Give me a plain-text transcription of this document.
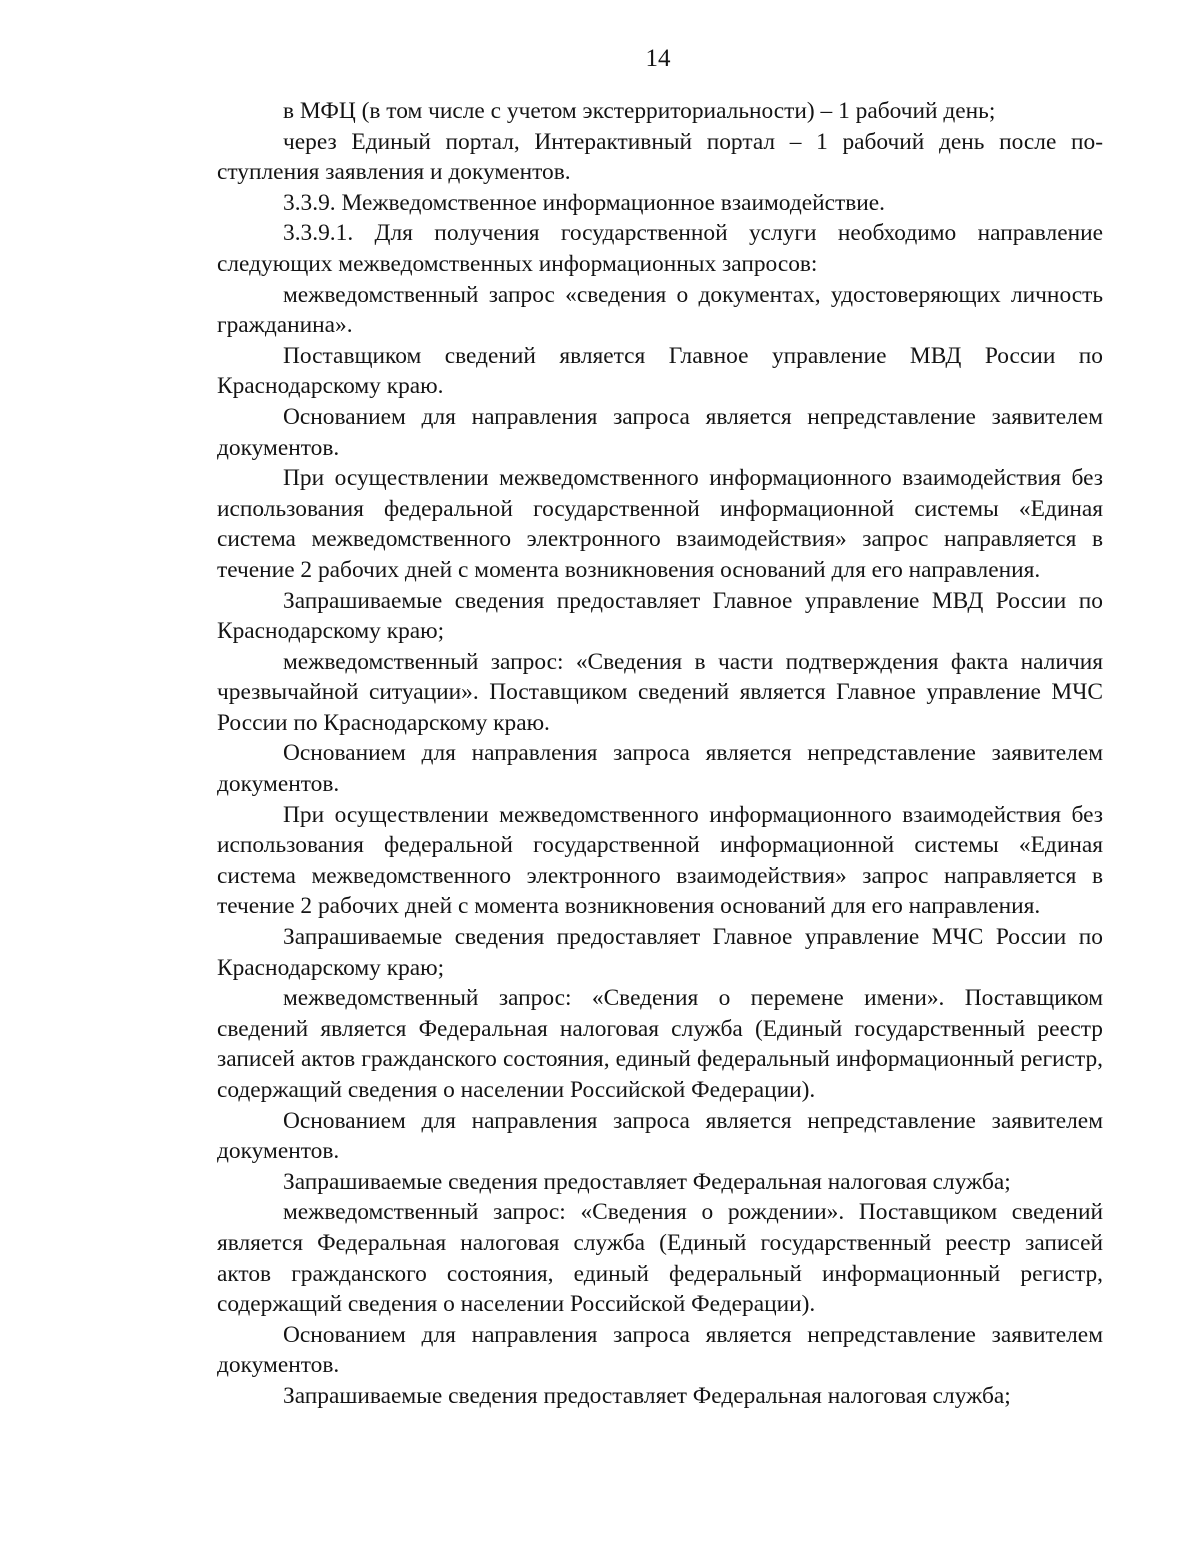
14

в МФЦ (в том числе с учетом экстерриториальности) – 1 рабочий день;

через Единый портал, Интерактивный портал – 1 рабочий день после поступления заявления и документов.

3.3.9. Межведомственное информационное взаимодействие.

3.3.9.1. Для получения государственной услуги необходимо направление следующих межведомственных информационных запросов:

межведомственный запрос «сведения о документах, удостоверяющих личность гражданина».

Поставщиком сведений является Главное управление МВД России по Краснодарскому краю.

Основанием для направления запроса является непредставление заявителем документов.

При осуществлении межведомственного информационного взаимодействия без использования федеральной государственной информационной системы «Единая система межведомственного электронного взаимодействия» запрос направляется в течение 2 рабочих дней с момента возникновения оснований для его направления.

Запрашиваемые сведения предоставляет Главное управление МВД России по Краснодарскому краю;

межведомственный запрос: «Сведения в части подтверждения факта наличия чрезвычайной ситуации». Поставщиком сведений является Главное управление МЧС России по Краснодарскому краю.

Основанием для направления запроса является непредставление заявителем документов.

При осуществлении межведомственного информационного взаимодействия без использования федеральной государственной информационной системы «Единая система межведомственного электронного взаимодействия» запрос направляется в течение 2 рабочих дней с момента возникновения оснований для его направления.

Запрашиваемые сведения предоставляет Главное управление МЧС России по Краснодарскому краю;

межведомственный запрос: «Сведения о перемене имени». Поставщиком сведений является Федеральная налоговая служба (Единый государственный реестр записей актов гражданского состояния, единый федеральный информационный регистр, содержащий сведения о населении Российской Федерации).

Основанием для направления запроса является непредставление заявителем документов.

Запрашиваемые сведения предоставляет Федеральная налоговая служба;

межведомственный запрос: «Сведения о рождении». Поставщиком сведений является Федеральная налоговая служба (Единый государственный реестр записей актов гражданского состояния, единый федеральный информационный регистр, содержащий сведения о населении Российской Федерации).

Основанием для направления запроса является непредставление заявителем документов.

Запрашиваемые сведения предоставляет Федеральная налоговая служба;
